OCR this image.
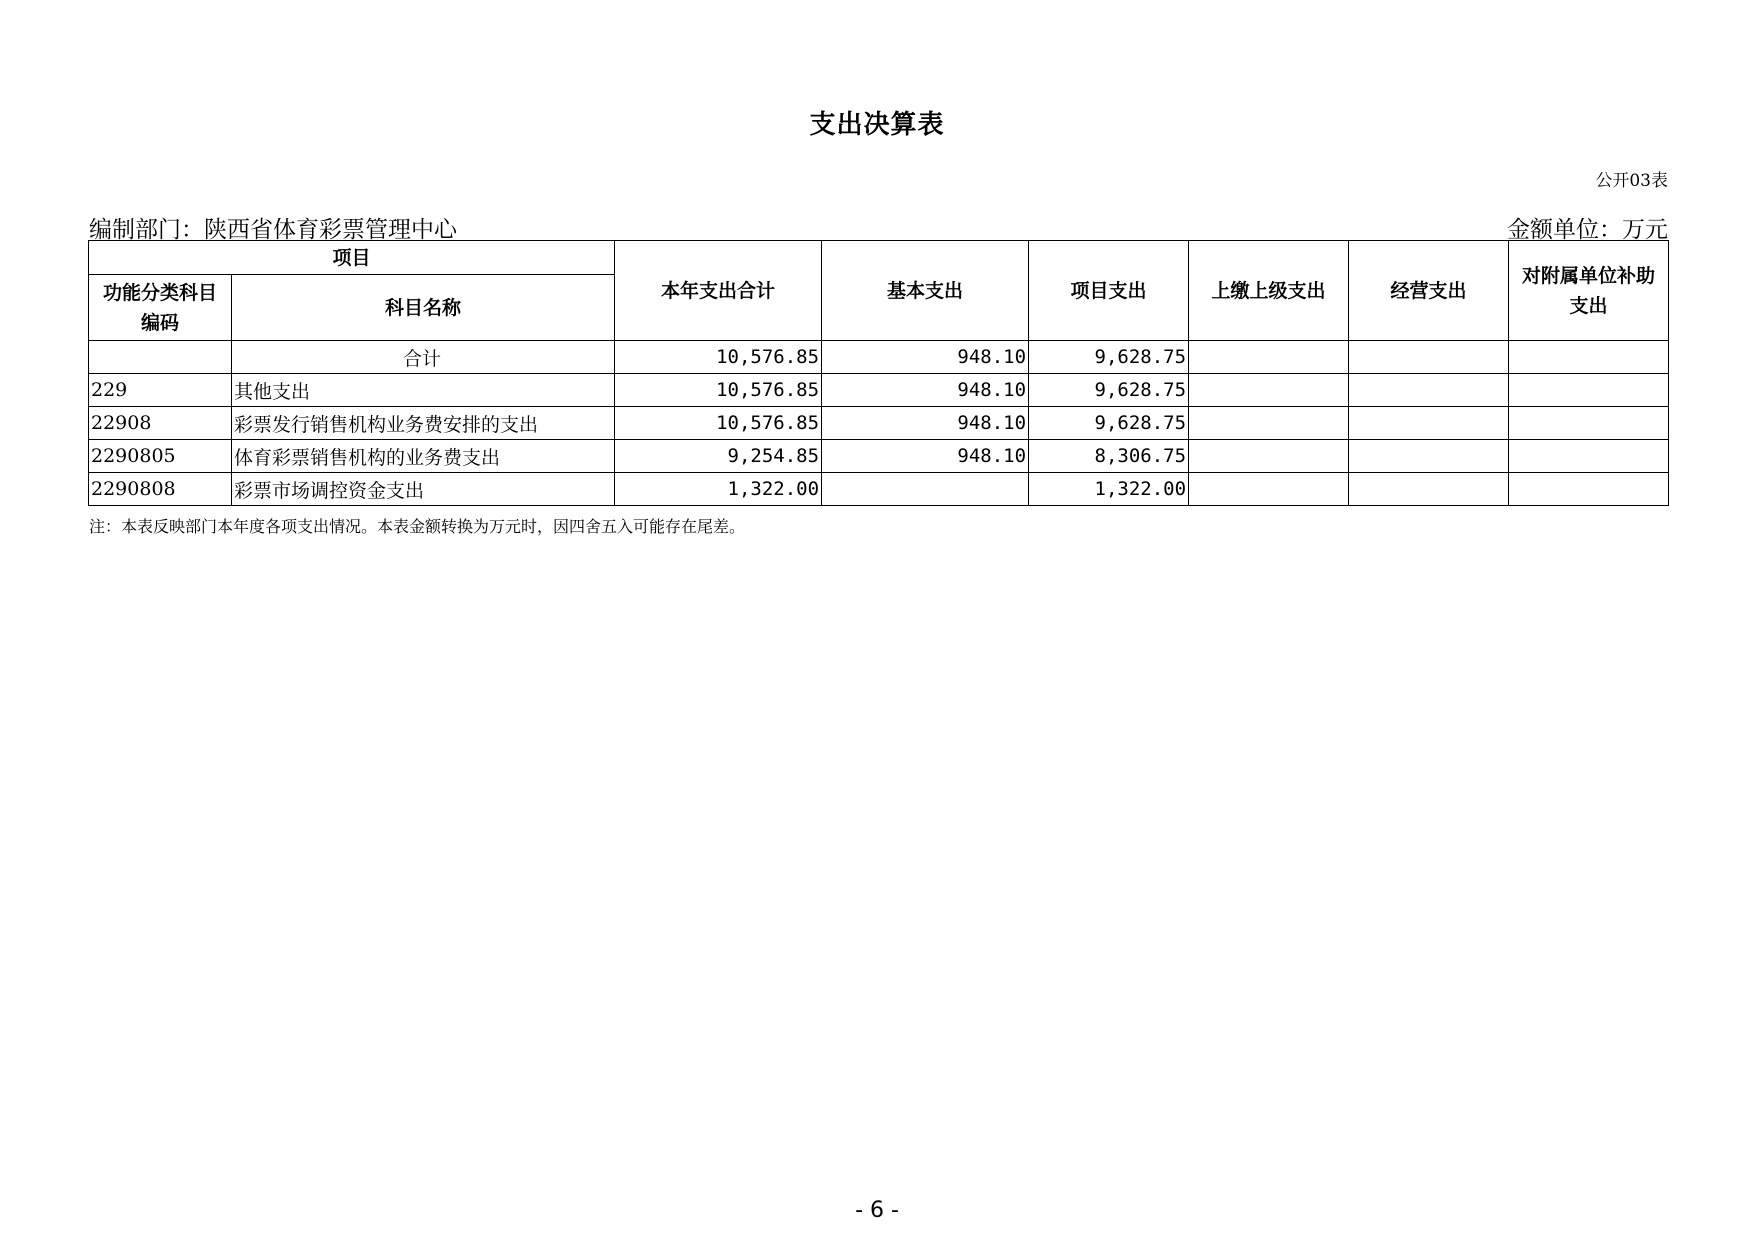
支出决算表
公开03表
编制部门：陕西省体育彩票管理中心	金额单位：万元
项目		本年支出合计	基本支出	项目支出	上缴上级支出	经营支出	对附属单位补助支出
功能分类科目编码	科目名称						
	合计	10,576.85	948.10	9,628.75			
229	其他支出	10,576.85	948.10	9,628.75			
22908	彩票发行销售机构业务费安排的支出	10,576.85	948.10	9,628.75			
2290805	体育彩票销售机构的业务费支出	9,254.85	948.10	8,306.75			
2290808	彩票市场调控资金支出	1,322.00		1,322.00			
注：本表反映部门本年度各项支出情况。本表金额转换为万元时，因四舍五入可能存在尾差。
- 6 -
